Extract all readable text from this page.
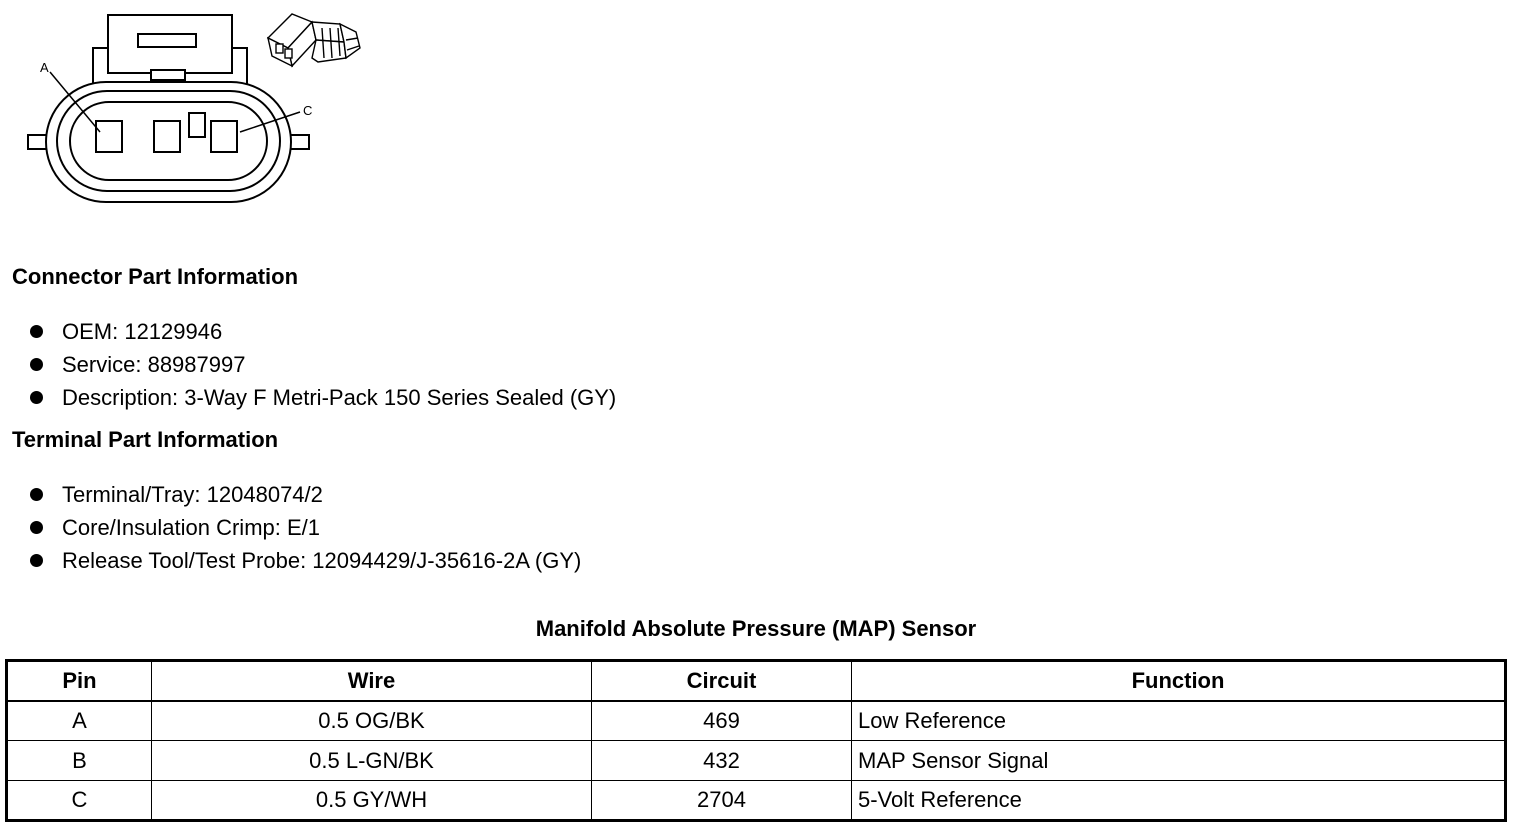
A
C
Connector Part Information
OEM: 12129946
Service: 88987997
Description: 3-Way F Metri-Pack 150 Series Sealed (GY)
Terminal Part Information
Terminal/Tray: 12048074/2
Core/Insulation Crimp: E/1
Release Tool/Test Probe: 12094429/J-35616-2A (GY)
Manifold Absolute Pressure (MAP) Sensor
Pin	Wire	Circuit	Function
A	0.5 OG/BK	469	Low Reference
B	0.5 L-GN/BK	432	MAP Sensor Signal
C	0.5 GY/WH	2704	5-Volt Reference
